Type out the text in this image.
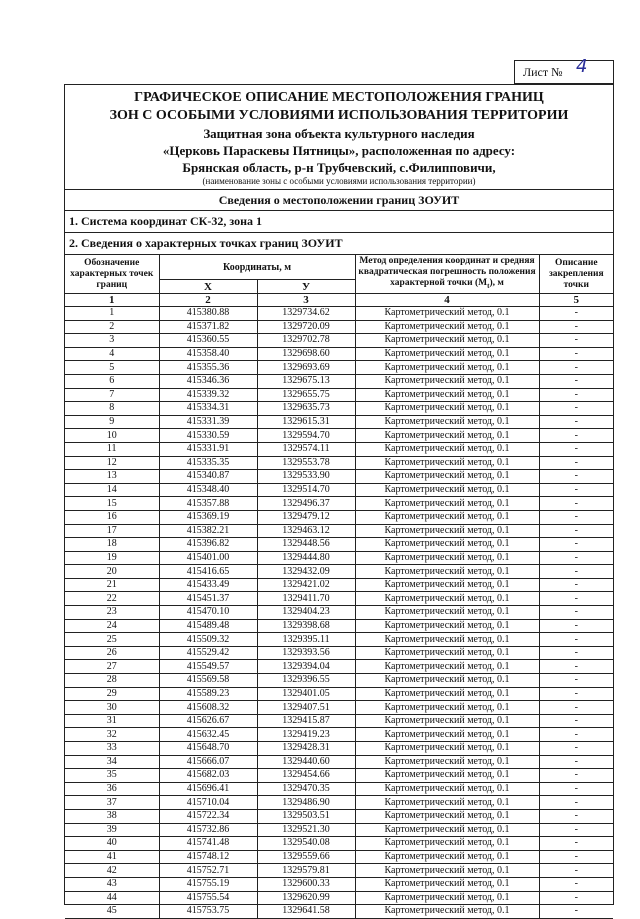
Лист № 4
ГРАФИЧЕСКОЕ ОПИСАНИЕ МЕСТОПОЛОЖЕНИЯ ГРАНИЦ
ЗОН С ОСОБЫМИ УСЛОВИЯМИ ИСПОЛЬЗОВАНИЯ ТЕРРИТОРИИ
Защитная зона объекта культурного наследия
«Церковь Параскевы Пятницы», расположенная по адресу:
Брянская область, р-н Трубчевский, с.Филипповичи,
(наименование зоны с особыми условиями использования территории)
Сведения о местоположении границ ЗОУИТ
1. Система координат СК-32, зона 1
2. Сведения о характерных точках границ ЗОУИТ
Обозначение характерных точек границ	Координаты, м		Метод определения координат и средняя квадратическая погрешность положения характерной точки $(М_t)$, м	Описание закрепления точки
	Х	У		
1	2	3	4	5
1	415380.88	1329734.62	Картометрический метод, 0.1	-
2	415371.82	1329720.09	Картометрический метод, 0.1	-
3	415360.55	1329702.78	Картометрический метод, 0.1	-
4	415358.40	1329698.60	Картометрический метод, 0.1	-
5	415355.36	1329693.69	Картометрический метод, 0.1	-
6	415346.36	1329675.13	Картометрический метод, 0.1	-
7	415339.32	1329655.75	Картометрический метод, 0.1	-
8	415334.31	1329635.73	Картометрический метод, 0.1	-
9	415331.39	1329615.31	Картометрический метод, 0.1	-
10	415330.59	1329594.70	Картометрический метод, 0.1	-
11	415331.91	1329574.11	Картометрический метод, 0.1	-
12	415335.35	1329553.78	Картометрический метод, 0.1	-
13	415340.87	1329533.90	Картометрический метод, 0.1	-
14	415348.40	1329514.70	Картометрический метод, 0.1	-
15	415357.88	1329496.37	Картометрический метод, 0.1	-
16	415369.19	1329479.12	Картометрический метод, 0.1	-
17	415382.21	1329463.12	Картометрический метод, 0.1	-
18	415396.82	1329448.56	Картометрический метод, 0.1	-
19	415401.00	1329444.80	Картометрический метод, 0.1	-
20	415416.65	1329432.09	Картометрический метод, 0.1	-
21	415433.49	1329421.02	Картометрический метод, 0.1	-
22	415451.37	1329411.70	Картометрический метод, 0.1	-
23	415470.10	1329404.23	Картометрический метод, 0.1	-
24	415489.48	1329398.68	Картометрический метод, 0.1	-
25	415509.32	1329395.11	Картометрический метод, 0.1	-
26	415529.42	1329393.56	Картометрический метод, 0.1	-
27	415549.57	1329394.04	Картометрический метод, 0.1	-
28	415569.58	1329396.55	Картометрический метод, 0.1	-
29	415589.23	1329401.05	Картометрический метод, 0.1	-
30	415608.32	1329407.51	Картометрический метод, 0.1	-
31	415626.67	1329415.87	Картометрический метод, 0.1	-
32	415632.45	1329419.23	Картометрический метод, 0.1	-
33	415648.70	1329428.31	Картометрический метод, 0.1	-
34	415666.07	1329440.60	Картометрический метод, 0.1	-
35	415682.03	1329454.66	Картометрический метод, 0.1	-
36	415696.41	1329470.35	Картометрический метод, 0.1	-
37	415710.04	1329486.90	Картометрический метод, 0.1	-
38	415722.34	1329503.51	Картометрический метод, 0.1	-
39	415732.86	1329521.30	Картометрический метод, 0.1	-
40	415741.48	1329540.08	Картометрический метод, 0.1	-
41	415748.12	1329559.66	Картометрический метод, 0.1	-
42	415752.71	1329579.81	Картометрический метод, 0.1	-
43	415755.19	1329600.33	Картометрический метод, 0.1	-
44	415755.54	1329620.99	Картометрический метод, 0.1	-
45	415753.75	1329641.58	Картометрический метод, 0.1	-
